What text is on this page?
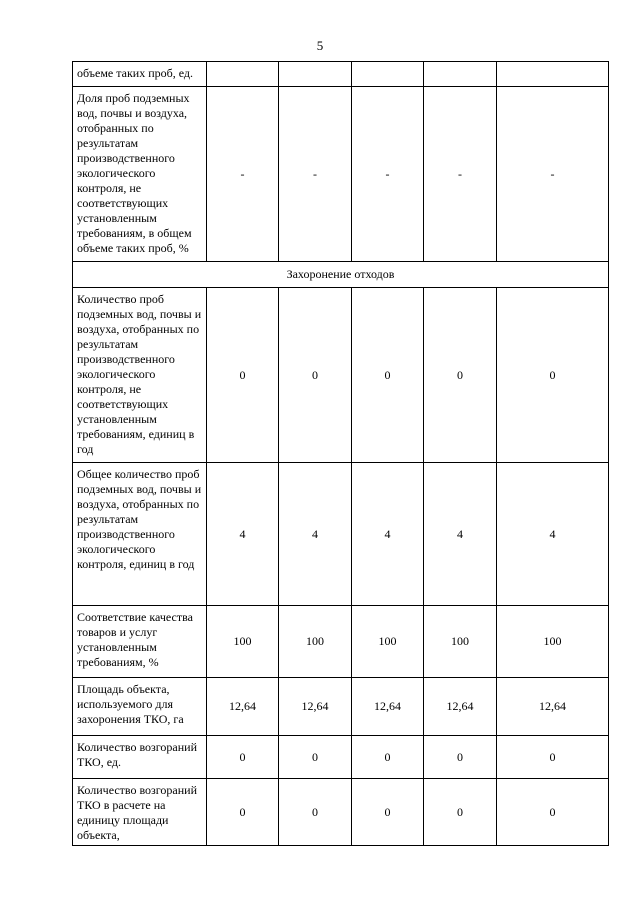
5
объеме таких проб, ед.					
Доля проб подземных вод, почвы и воздуха, отобранных по результатам производственного экологического контроля, не соответствующих установленным требованиям, в общем объеме таких проб, %	-	-	-	-	-
Захоронение отходов					
Количество проб подземных вод, почвы и воздуха, отобранных по результатам производственного экологического контроля, не соответствующих установленным требованиям, единиц в год	0	0	0	0	0
Общее количество проб подземных вод, почвы и воздуха, отобранных по результатам производственного экологического контроля, единиц в год	4	4	4	4	4
Соответствие качества товаров и услуг установленным требованиям, %	100	100	100	100	100
Площадь объекта, используемого для захоронения ТКО, га	12,64	12,64	12,64	12,64	12,64
Количество возгораний ТКО, ед.	0	0	0	0	0
Количество возгораний ТКО в расчете на единицу площади объекта,	0	0	0	0	0
